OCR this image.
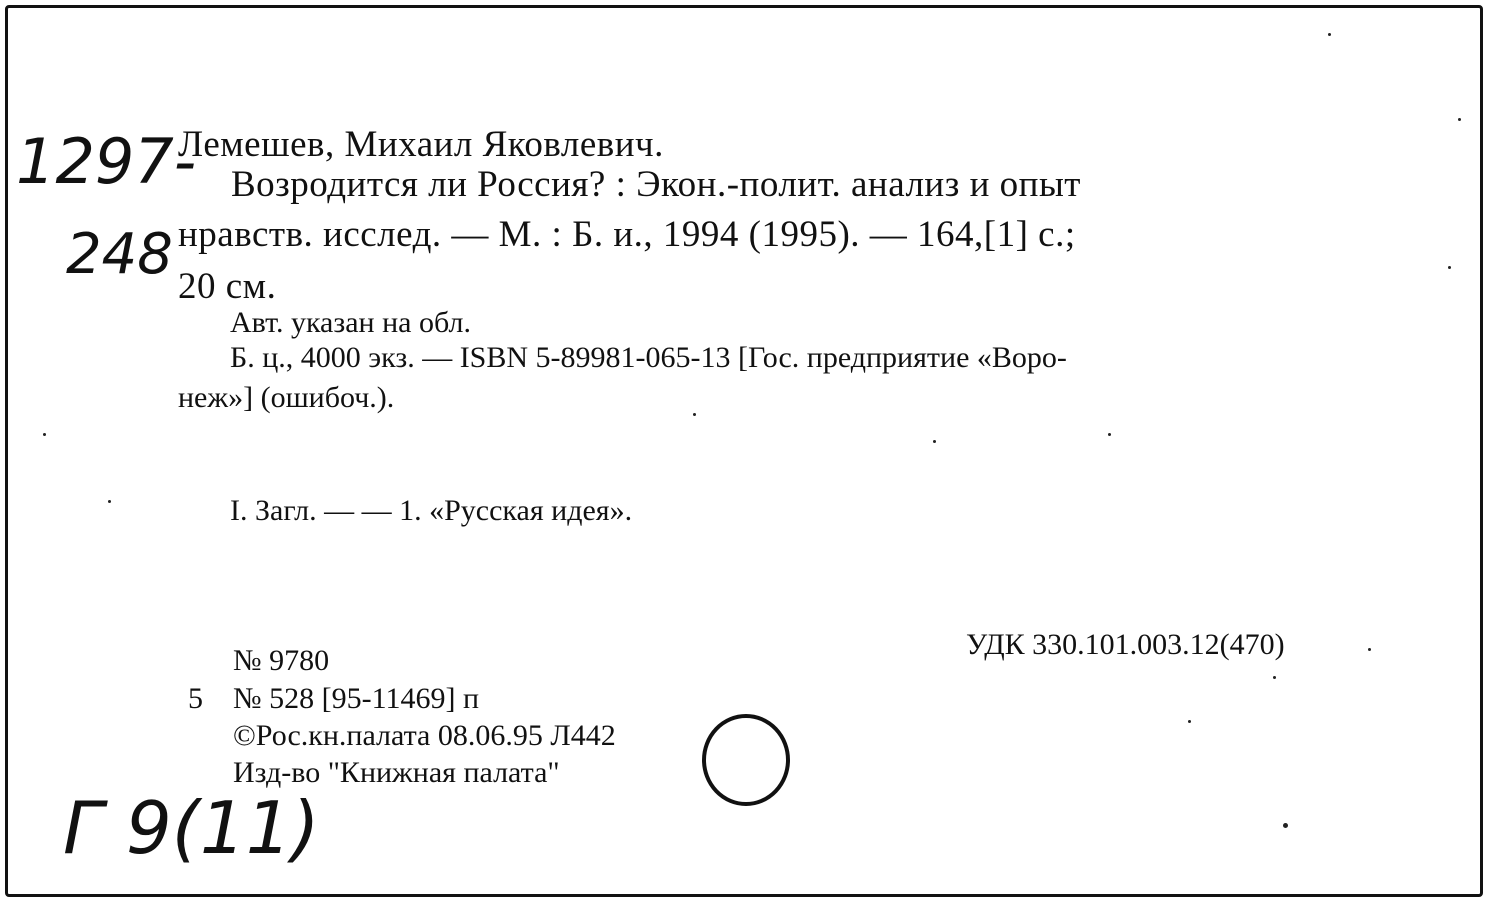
1297-
248
Лемешев, Михаил Яковлевич.
Возродится ли Россия? : Экон.-полит. анализ и опыт
нравств. исслед. — М. : Б. и., 1994 (1995). — 164,[1] с.;
20 см.
Авт. указан на обл.
Б. ц., 4000 экз. — ISBN 5-89981-065-13 [Гос. предприятие «Воро-
неж»] (ошибоч.).
I. Загл. — — 1. «Русская идея».
УДК 330.101.003.12(470)
№ 9780
5 № 528 [95-11469] п
©Рос.кн.палата 08.06.95 Л442
Изд-во "Книжная палата"
Г 9(11)
